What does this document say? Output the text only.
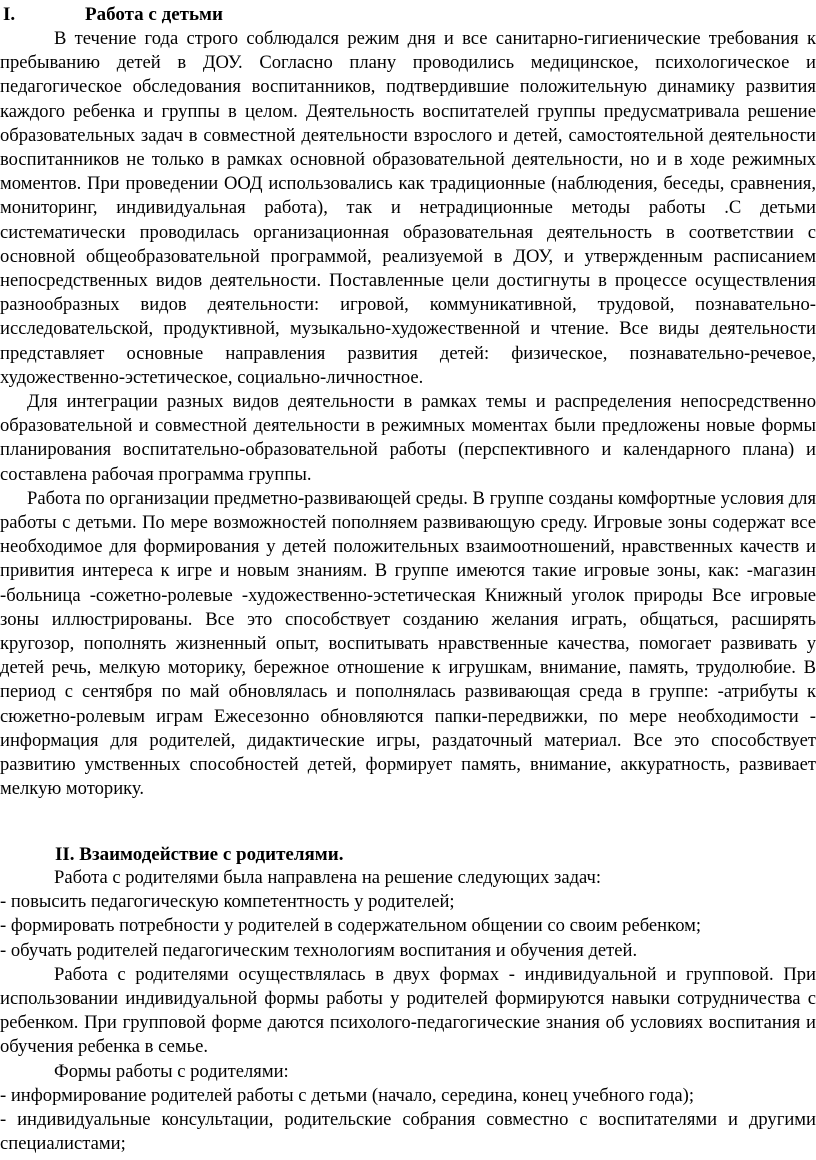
I.	Работа с детьми

В течение года строго соблюдался режим дня и все санитарно-гигиенические требования к пребыванию детей в ДОУ. Согласно плану проводились медицинское, психологическое и педагогическое обследования воспитанников, подтвердившие положительную динамику развития каждого ребенка и группы в целом. Деятельность воспитателей группы предусматривала решение образовательных задач в совместной деятельности взрослого и детей, самостоятельной деятельности воспитанников не только в рамках основной образовательной деятельности, но и в ходе режимных моментов. При проведении ООД использовались как традиционные (наблюдения, беседы, сравнения, мониторинг, индивидуальная работа), так и нетрадиционные методы работы .С детьми систематически проводилась организационная образовательная деятельность в соответствии с основной общеобразовательной программой, реализуемой в ДОУ, и утвержденным расписанием непосредственных видов деятельности. Поставленные цели достигнуты в процессе осуществления разнообразных видов деятельности: игровой, коммуникативной, трудовой, познавательно-исследовательской, продуктивной, музыкально-художественной и чтение. Все виды деятельности представляет основные направления развития детей: физическое, познавательно-речевое, художественно-эстетическое, социально-личностное.

Для интеграции разных видов деятельности в рамках темы и распределения непосредственно образовательной и совместной деятельности в режимных моментах были предложены новые формы планирования воспитательно-образовательной работы (перспективного и календарного плана) и составлена рабочая программа группы.

Работа по организации предметно-развивающей среды. В группе созданы комфортные условия для работы с детьми. По мере возможностей пополняем развивающую среду. Игровые зоны содержат все необходимое для формирования у детей положительных взаимоотношений, нравственных качеств и привития интереса к игре и новым знаниям. В группе имеются такие игровые зоны, как: -магазин -больница -сожетно-ролевые -художественно-эстетическая Книжный уголок природы Все игровые зоны иллюстрированы. Все это способствует созданию желания играть, общаться, расширять кругозор, пополнять жизненный опыт, воспитывать нравственные качества, помогает развивать у детей речь, мелкую моторику, бережное отношение к игрушкам, внимание, память, трудолюбие. В период с сентября по май обновлялась и пополнялась развивающая среда в группе: -атрибуты к сюжетно-ролевым играм Ежесезонно обновляются папки-передвижки, по мере необходимости - информация для родителей, дидактические игры, раздаточный материал. Все это способствует развитию умственных способностей детей, формирует память, внимание, аккуратность, развивает мелкую моторику.

II. Взаимодействие с родителями.

Работа с родителями была направлена на решение следующих задач:

- повысить педагогическую компетентность у родителей;

- формировать потребности у родителей в содержательном общении со своим ребенком;

- обучать родителей педагогическим технологиям воспитания и обучения детей.

Работа с родителями осуществлялась в двух формах - индивидуальной и групповой. При использовании индивидуальной формы работы у родителей формируются навыки сотрудничества с ребенком. При групповой форме даются психолого-педагогические знания об условиях воспитания и обучения ребенка в семье.

Формы работы с родителями:

- информирование родителей работы с детьми (начало, середина, конец учебного года);

- индивидуальные консультации, родительские собрания совместно с воспитателями и другими специалистами;
